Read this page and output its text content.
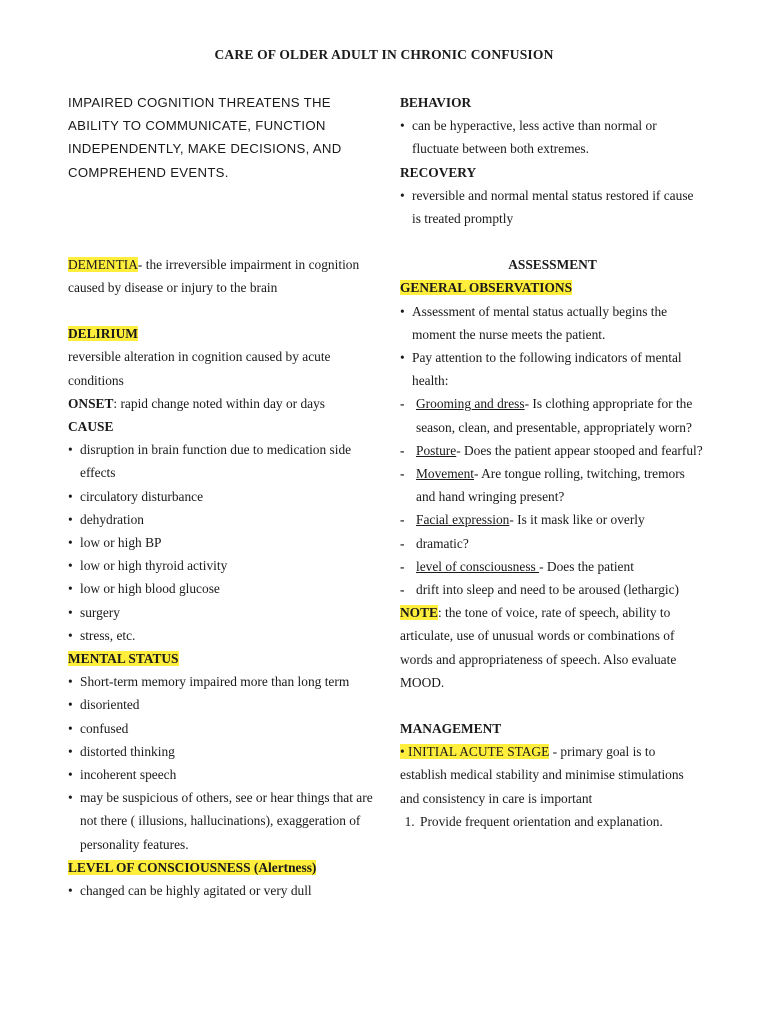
CARE OF OLDER ADULT IN CHRONIC CONFUSION

IMPAIRED COGNITION THREATENS THE ABILITY TO COMMUNICATE, FUNCTION INDEPENDENTLY, MAKE DECISIONS, AND COMPREHEND EVENTS.

DEMENTIA- the irreversible impairment in cognition caused by disease or injury to the brain

DELIRIUM

reversible alteration in cognition caused by acute conditions

ONSET: rapid change noted within day or days

CAUSE

• disruption in brain function due to medication side effects
• circulatory disturbance
• dehydration
• low or high BP
• low or high thyroid activity
• low or high blood glucose
• surgery
• stress, etc.

MENTAL STATUS

• Short-term memory impaired more than long term
• disoriented
• confused
• distorted thinking
• incoherent speech
• may be suspicious of others, see or hear things that are not there ( illusions, hallucinations), exaggeration of personality features.

LEVEL OF CONSCIOUSNESS (Alertness)

• changed can be highly agitated or very dull

BEHAVIOR

• can be hyperactive, less active than normal or fluctuate between both extremes.

RECOVERY

• reversible and normal mental status restored if cause is treated promptly

ASSESSMENT

GENERAL OBSERVATIONS

• Assessment of mental status actually begins the moment the nurse meets the patient.
• Pay attention to the following indicators of mental health:
- Grooming and dress- Is clothing appropriate for the season, clean, and presentable, appropriately worn?
- Posture- Does the patient appear stooped and fearful?
- Movement- Are tongue rolling, twitching, tremors and hand wringing present?
- Facial expression- Is it mask like or overly
- dramatic?
- level of consciousness - Does the patient
- drift into sleep and need to be aroused (lethargic)

NOTE: the tone of voice, rate of speech, ability to articulate, use of unusual words or combinations of words and appropriateness of speech. Also evaluate MOOD.

MANAGEMENT

• INITIAL ACUTE STAGE - primary goal is to establish medical stability and minimise stimulations and consistency in care is important

1. Provide frequent orientation and explanation.
